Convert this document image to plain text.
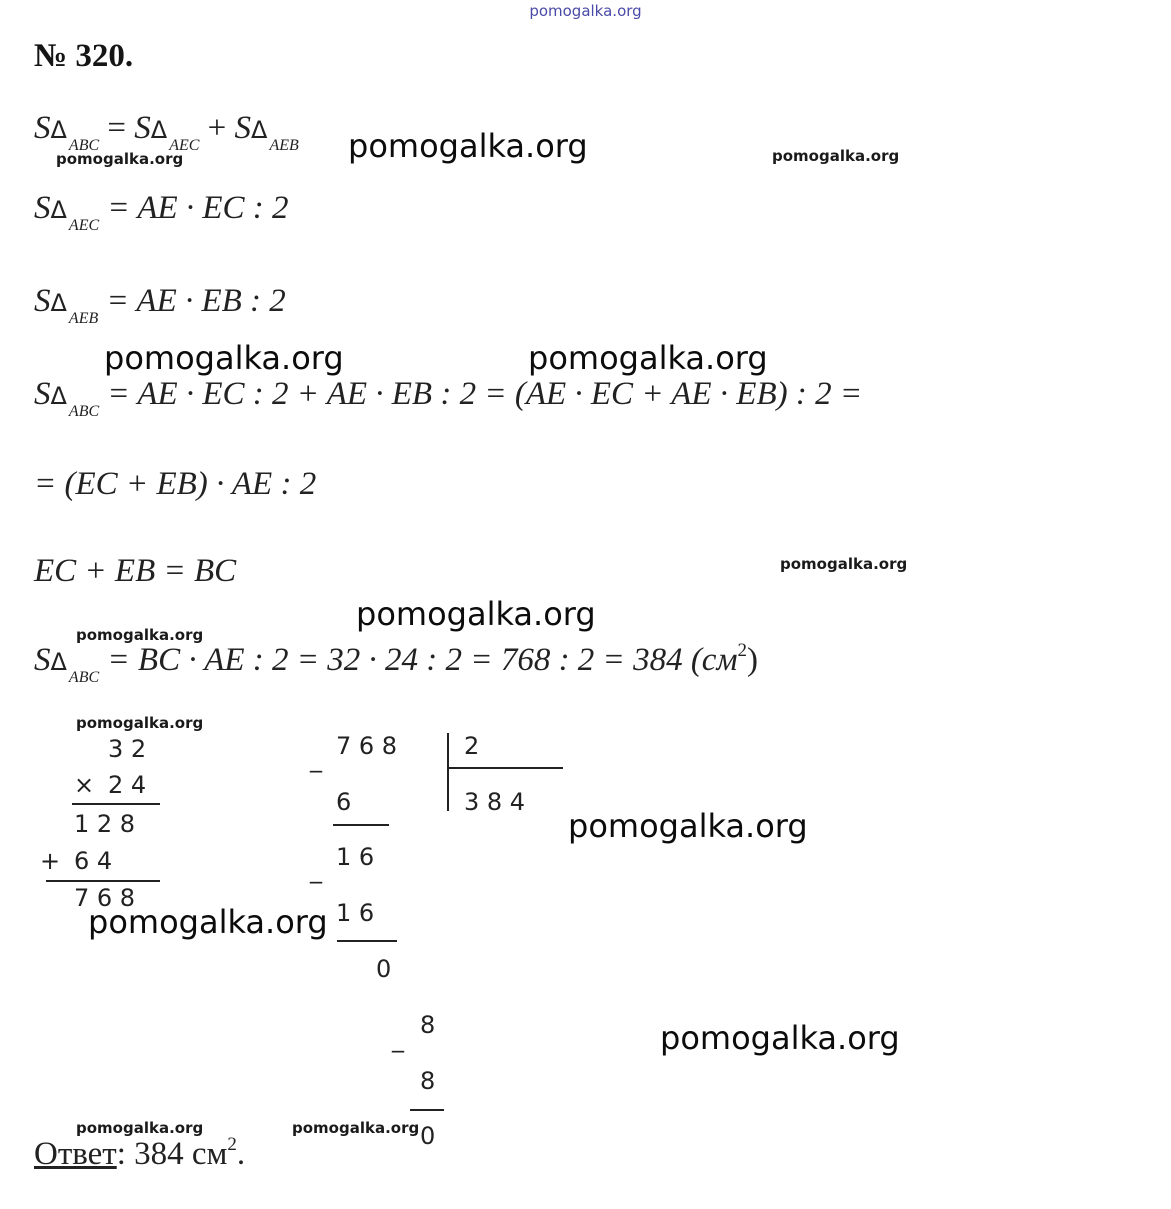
pomogalka.org
№ 320.
$S\Delta_{ABC} = S\Delta_{AEC} + S\Delta_{AEB}$
$S\Delta_{AEC}$ = AE · EC : 2
$S\Delta_{AEB}$ = AE · EB : 2
$S\Delta_{ABC}$ = AE · EC : 2 + AE · EB : 2 = (AE · EC + AE · EB) : 2 =
= (EC + EB) · AE : 2
EC + EB = BC
$S\Delta_{ABC}$ = BC · AE : 2 = 32 · 24 : 2 = 768 : 2 = 384 $(см^2)$
3 2
× 2 4
1 2 8
+ 6 4
7 6 8
7 6 8	2
3 8 4
_
6
1 6
_
1 6
0
8
_
8
0
Ответ: 384 $см^2$.
pomogalka.org
pomogalka.org	pomogalka.org
pomogalka.org
pomogalka.org
pomogalka.org
pomogalka.org
pomogalka.org	pomogalka.org
pomogalka.org
pomogalka.org
pomogalka.org
pomogalka.org	pomogalka.org
